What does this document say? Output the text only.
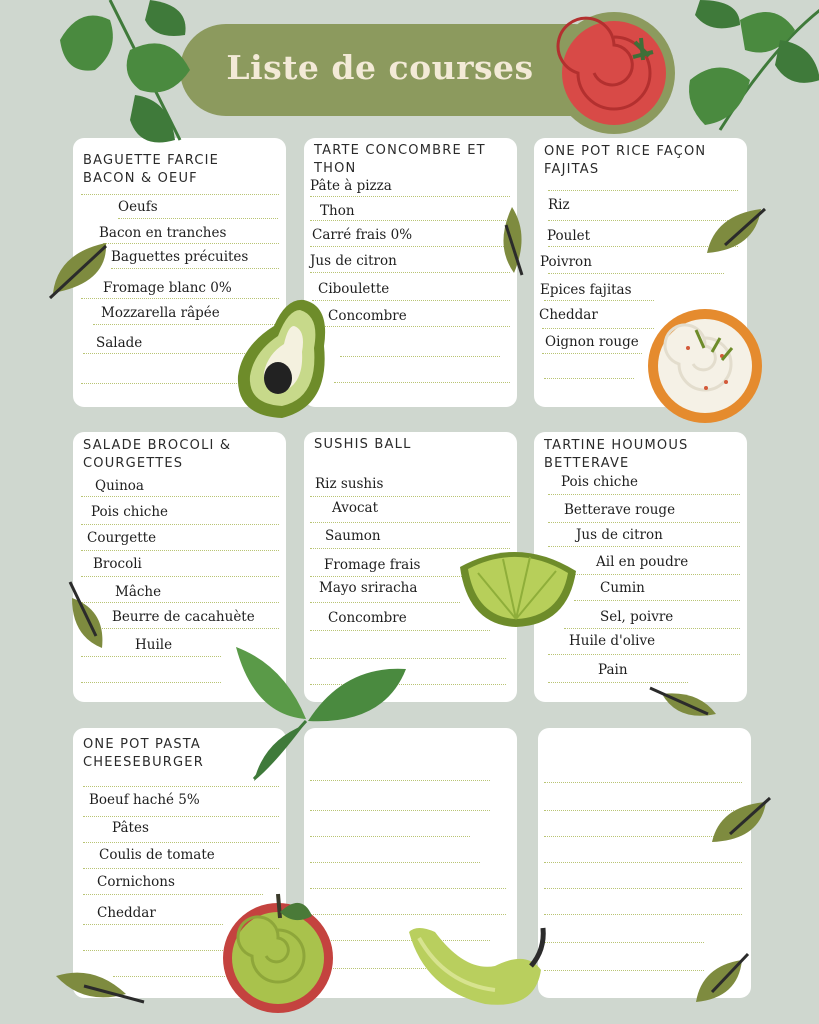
Liste de courses
BAGUETTE FARCIE BACON & OEUF
Oeufs
Bacon en tranches
Baguettes précuites
Fromage blanc 0%
Mozzarella râpée
Salade
TARTE CONCOMBRE ET THON
Pâte à pizza
Thon
Carré frais 0%
Jus de citron
Ciboulette
Concombre
ONE POT RICE FAÇON FAJITAS
Riz
Poulet
Poivron
Epices fajitas
Cheddar
Oignon rouge
SALADE BROCOLI & COURGETTES
Quinoa
Pois chiche
Courgette
Brocoli
Mâche
Beurre de cacahuète
Huile
SUSHIS BALL
Riz sushis
Avocat
Saumon
Fromage frais
Mayo sriracha
Concombre
TARTINE HOUMOUS BETTERAVE
Pois chiche
Betterave rouge
Jus de citron
Ail en poudre
Cumin
Sel, poivre
Huile d'olive
Pain
ONE POT PASTA CHEESEBURGER
Boeuf haché 5%
Pâtes
Coulis de tomate
Cornichons
Cheddar
